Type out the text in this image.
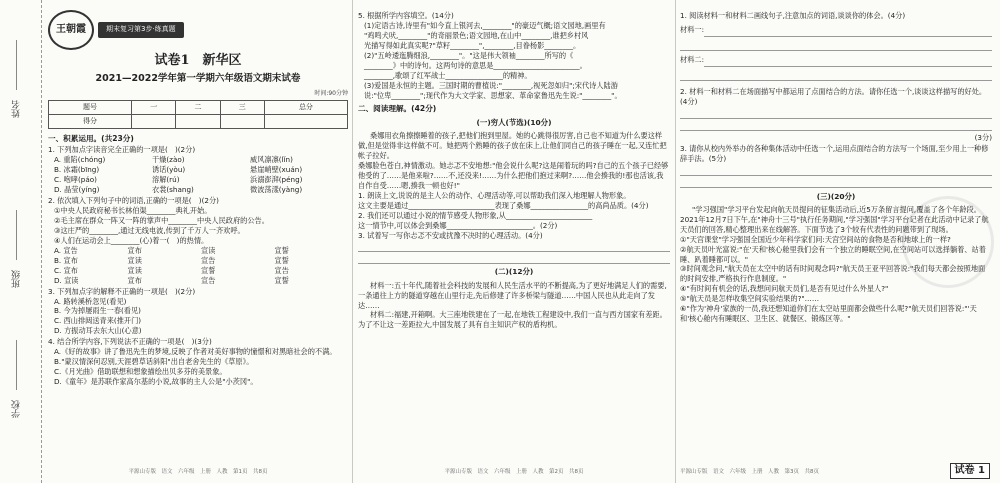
姓名
班级
学校
王朝霞	期末复习第3步·练真题
试卷1　新华区
2021—2022学年第一学期六年级语文期末试卷
时间:90分钟
题号	一	二	三	总分
得分				
一、积累运用。(共23分)
1. 下列加点字读音完全正确的一项是(　)(2分)
A. 重陷(chóng)	干燥(zào)	威风凛凛(lǐn)
B. 冰霜(bīng)	诱话(yòu)	悬崖峭壁(xuán)
C. 咆哮(páo)	溶解(rú)	浜溺澎湃(péng)
D. 晶莹(yíng)	衣裳(shang)	微波荡漾(yàng)
2. 依次填入下列句子中的词语,正确的一项是(　)(2分)
①中央人民政府秘书长林伯渠________典礼开始。
②毛主席在群众一阵又一阵的掌声中________中央人民政府的公告。
③这庄严的________,通过无线电波,传到了千万人一齐欢呼。
④人们在运动会上________(心)着一(　)的热情。
A. 宣告	宣布	宣读	宣誓
B. 宣布	宣读	宣告	宣誓
C. 宣布	宣读	宣誓	宣告
D. 宣读	宣布	宣告	宣誓
3. 下列加点字的解释不正确的一项是(　)(2分)
A. 路转溪桥忽见(看见)
B. 今为掉屡雨生一春(看见)
C. 西山排闼送青来(推开门)
D. 方振动耳去东大山(心意)
4. 结合所学内容,下列说法不正确的一项是(　)(3分)
A.《好的故事》讲了鲁迅先生的梦境,反映了作者对美好事物的憧憬和对黑暗社会的不满。
B."蒙汉情深何忍别,天涯碧草话斜阳"出自老舍先生的《草原》。
C.《月光曲》借助联想和想象描绘出贝多芬的美景象。
D.《童年》是苏联作家高尔基的小说,故事的主人公是"小茨冈"。
平源山专版　语文　六年级　上册　人教　第1页　共8页
5. 根据所学内容填空。(14分)
(1)定语古诗,诗里有"如今直上银河去,________"的豪迈气概;语文园地,画里有
"鸡鸣犬吠,________"的奇丽景色;语文园地,在山中________,谁把乡村风
光描写得如此真实呢?"草籽________",________,目眷杨影________。
(2)"五岭逶迤腾细浪,________"。"这是伟大领袖________所写的《
________》中的诗句。这两句诗的意思是________________________。
________,歌颂了红军战士________________的精神。
(3)爱国是永恒的主题。三国时期的曹植说:"________,视死忽如归";宋代诗人陆游
说:"位卑________";现代作为大文学家、思想家、革命家鲁迅先生说:"________"。
二、阅读理解。(42分)
(一)穷人(节选)(10分)
桑娜用衣角擦擦睡着的孩子,把他们抱到里屋。她的心跳得很厉害,自己也不知道为什么要这样做,但是觉得非这样做不可。她把两个熟睡的孩子放在床上,让他们同自己的孩子睡在一起,又连忙把帐子拉好。
桑娜脸色苍白,神情激动。她忐忑不安地想:"他会说什么呢?这是闹着玩的吗?自己的五个孩子已经够他受的了……是他来啦?……不,还没来!……为什么把他们抱过来啊?……他会揍我的!那也活该,我自作自受……嗯,揍我一顿也好!"
1. 朗读上文,说说的是主人公的动作、心理活动等,可以帮助我们深入地理解人物形象。
这文主要是通过________________________表现了桑娜________________的高尚品质。(4分)
2. 我们还可以通过小说的情节感受人物形象,从________________________
这一情节中,可以体会到桑娜________________________。(2分)
3. 试着写一写你忐忑不安或扰豫不决时的心理活动。(4分)
(二)(12分)
材料一:五十年代,随着社会科技的发展和人民生活水平的不断提高,为了更好地满足人们的需要,一条通往上方的隧道穿越在山里行走,先后修建了许多桥梁与隧道……中国人民也从此走向了发达……
材料二:福建,开箱啊。大三座地铁建在了一起,在地铁工程建设中,我们一直与西方国家有差距。为了不让这一差距拉大,中国发展了具有自主知识产权的盾构机。
平源山专版　语文　六年级　上册　人教　第2页　共8页
1. 阅读材料一和材料二画线句子,注意加点的词语,谈谈你的体会。(4分)
材料一:
材料二:
2. 材料一和材料二在场面描写中都运用了点面结合的方法。请你任选一个,谈谈这样描写的好处。(4分)
(3分)
3. 请你从校内外举办的各种集体活动中任选一个,运用点面结合的方法写一个场面,至少用上一种修辞手法。(5分)
(三)(20分)
"学习强国"学习平台发起向航天员提问的征集活动后,近5万条留言提问,覆盖了各个年龄段。2021年12月7日下午,在"神舟十三号"执行任务期间,"学习强国"学习平台记者在此活动中记录了航天员们的回答,精心整理出来在线解答。下面节选了3个较有代表性的问题带到了现场。
①"天宫课堂"学习强国全国近少年科学家们问:天宫空间站的食物是否和地球上的一样?
②航天员叶光富说:"在'天和'核心舱里我们会有一个独立的睡眠空间,在空间站可以选择躺着、站着睡、趴着睡都可以。"
③时间观念问,"航天员在太空中的话有时间观念吗?"航天员王亚平回答说:"我们每天都会按照地面的时间安排,严格执行作息制度。"
④"有时间有机会的话,我想问问航天员们,是否有见过什么外星人?"
⑤"航天员是怎样收集空间实验结果的?"……
⑥"作为'神舟'家族的一员,我还想知道你们在太空站里面都会做些什么呢?"航天员们回答说:"'天和'核心舱内有睡眠区、卫生区、就餐区、锻炼区等。"
平源山专版　语文　六年级　上册　人教　第3页　共8页	试卷 1
